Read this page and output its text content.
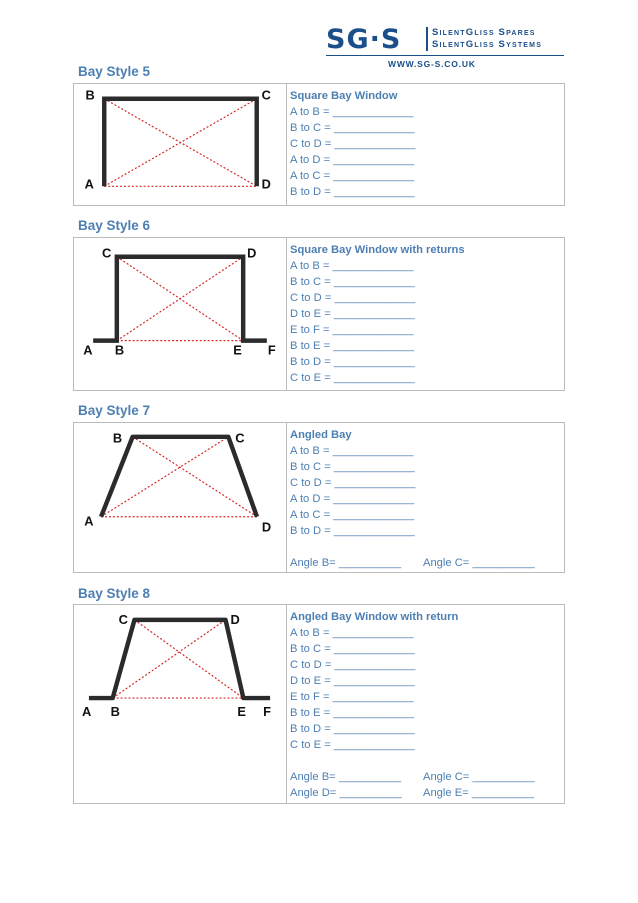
SG·S	SilentGliss Spares
SilentGliss Systems
WWW.SG-S.CO.UK
Bay Style 5
B	C
A	D
Square Bay Window
A to B = _____________
B to C = _____________
C to D = _____________
A to D = _____________
A to C = _____________
B to D = _____________
Bay Style 6
C	D
A B	E F
Square Bay Window with returns
A to B = _____________
B to C = _____________
C to D = _____________
D to E = _____________
E to F = _____________
B to E = _____________
B to D = _____________
C to E = _____________
Bay Style 7
B	C
A	D
Angled Bay
A to B = _____________
B to C = _____________
C to D = _____________
A to D = _____________
A to C = _____________
B to D = _____________
Angle B= __________ Angle C= __________
Bay Style 8
C	D
A B	E F
Angled Bay Window with return
A to B = _____________
B to C = _____________
C to D = _____________
D to E = _____________
E to F = _____________
B to E = _____________
B to D = _____________
C to E = _____________
Angle B= __________ Angle C= __________
Angle D= __________ Angle E= __________
